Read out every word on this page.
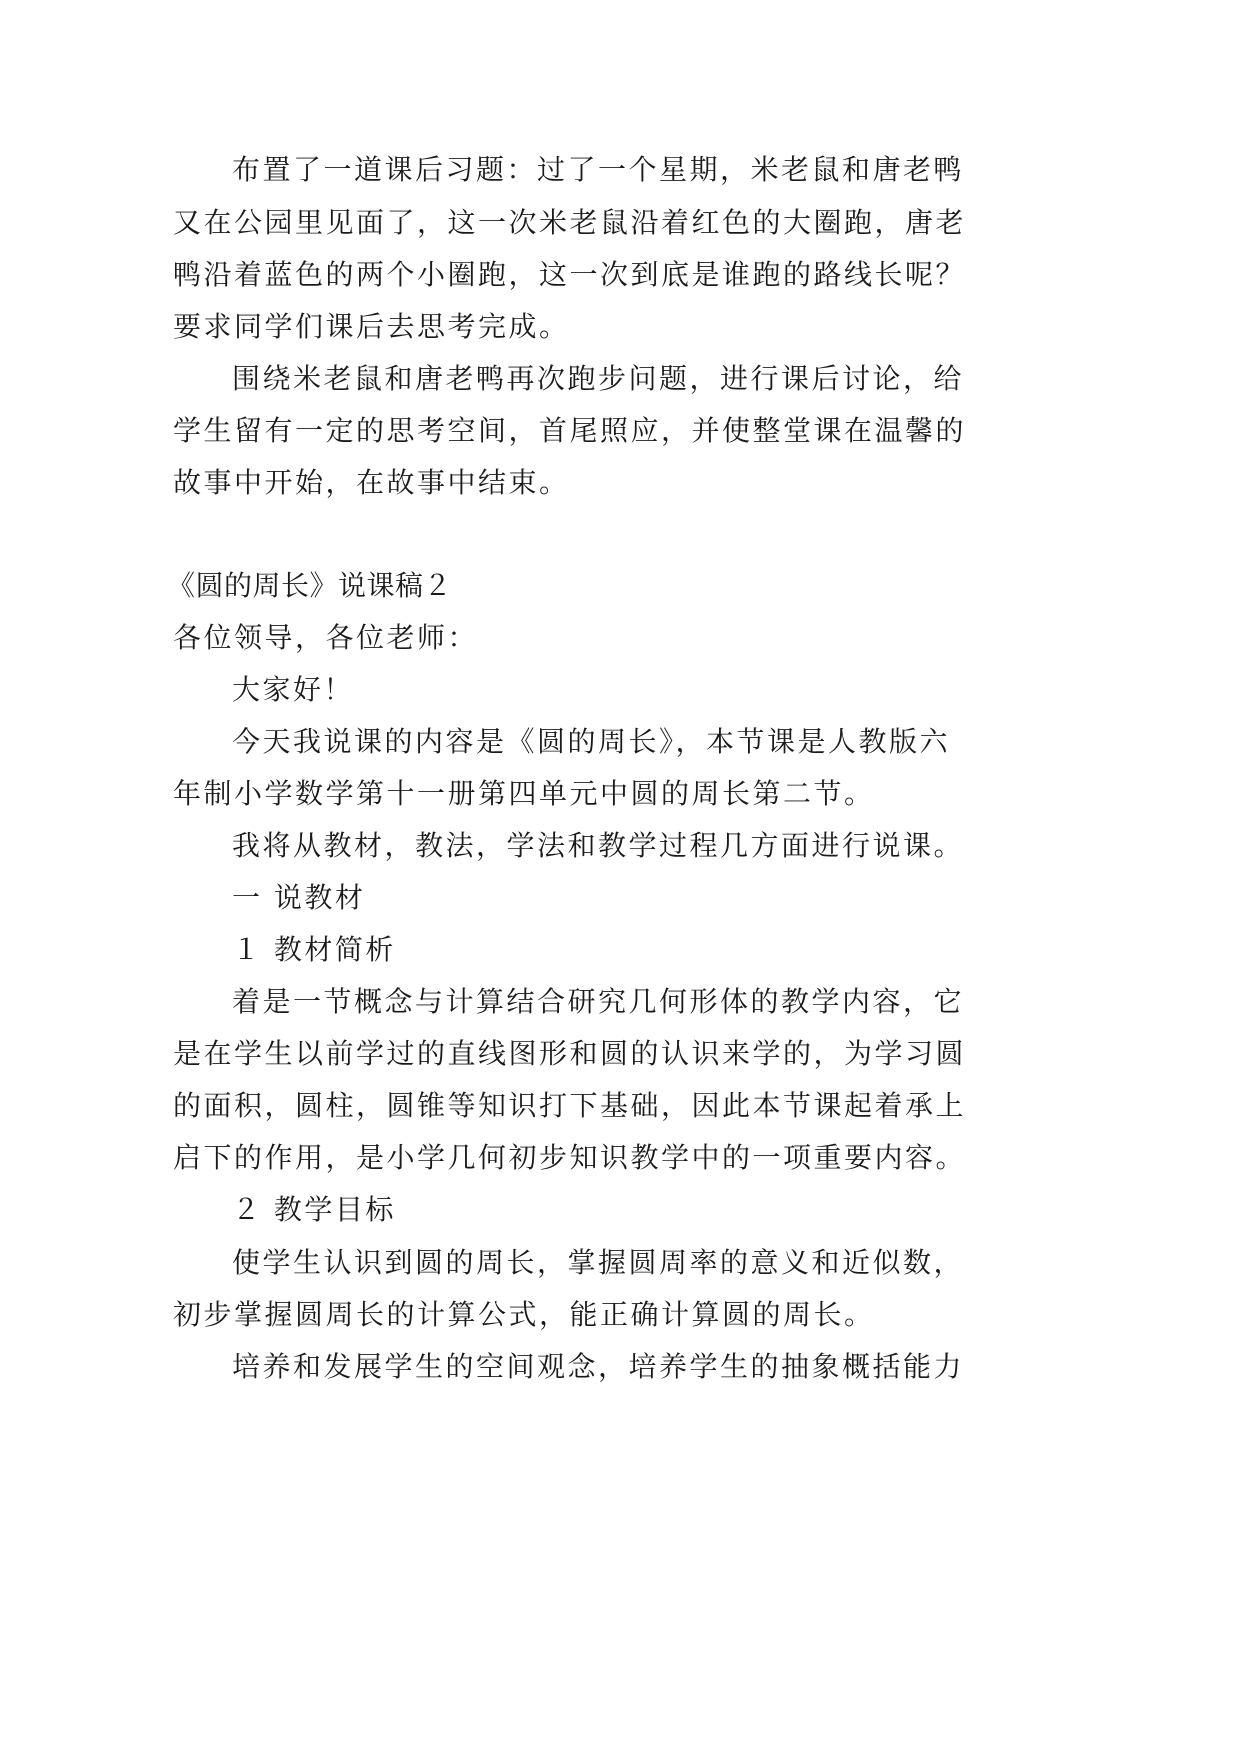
布置了一道课后习题：过了一个星期，米老鼠和唐老鸭
又在公园里见面了，这一次米老鼠沿着红色的大圈跑，唐老
鸭沿着蓝色的两个小圈跑，这一次到底是谁跑的路线长呢？
要求同学们课后去思考完成。
围绕米老鼠和唐老鸭再次跑步问题，进行课后讨论，给
学生留有一定的思考空间，首尾照应，并使整堂课在温馨的
故事中开始，在故事中结束。
《圆的周长》说课稿２
各位领导，各位老师：
大家好！
今天我说课的内容是《圆的周长》，本节课是人教版六
年制小学数学第十一册第四单元中圆的周长第二节。
我将从教材，教法，学法和教学过程几方面进行说课。
一 说教材
１ 教材简析
着是一节概念与计算结合研究几何形体的教学内容，它
是在学生以前学过的直线图形和圆的认识来学的，为学习圆
的面积，圆柱，圆锥等知识打下基础，因此本节课起着承上
启下的作用，是小学几何初步知识教学中的一项重要内容。
２ 教学目标
使学生认识到圆的周长，掌握圆周率的意义和近似数，
初步掌握圆周长的计算公式，能正确计算圆的周长。
培养和发展学生的空间观念，培养学生的抽象概括能力
